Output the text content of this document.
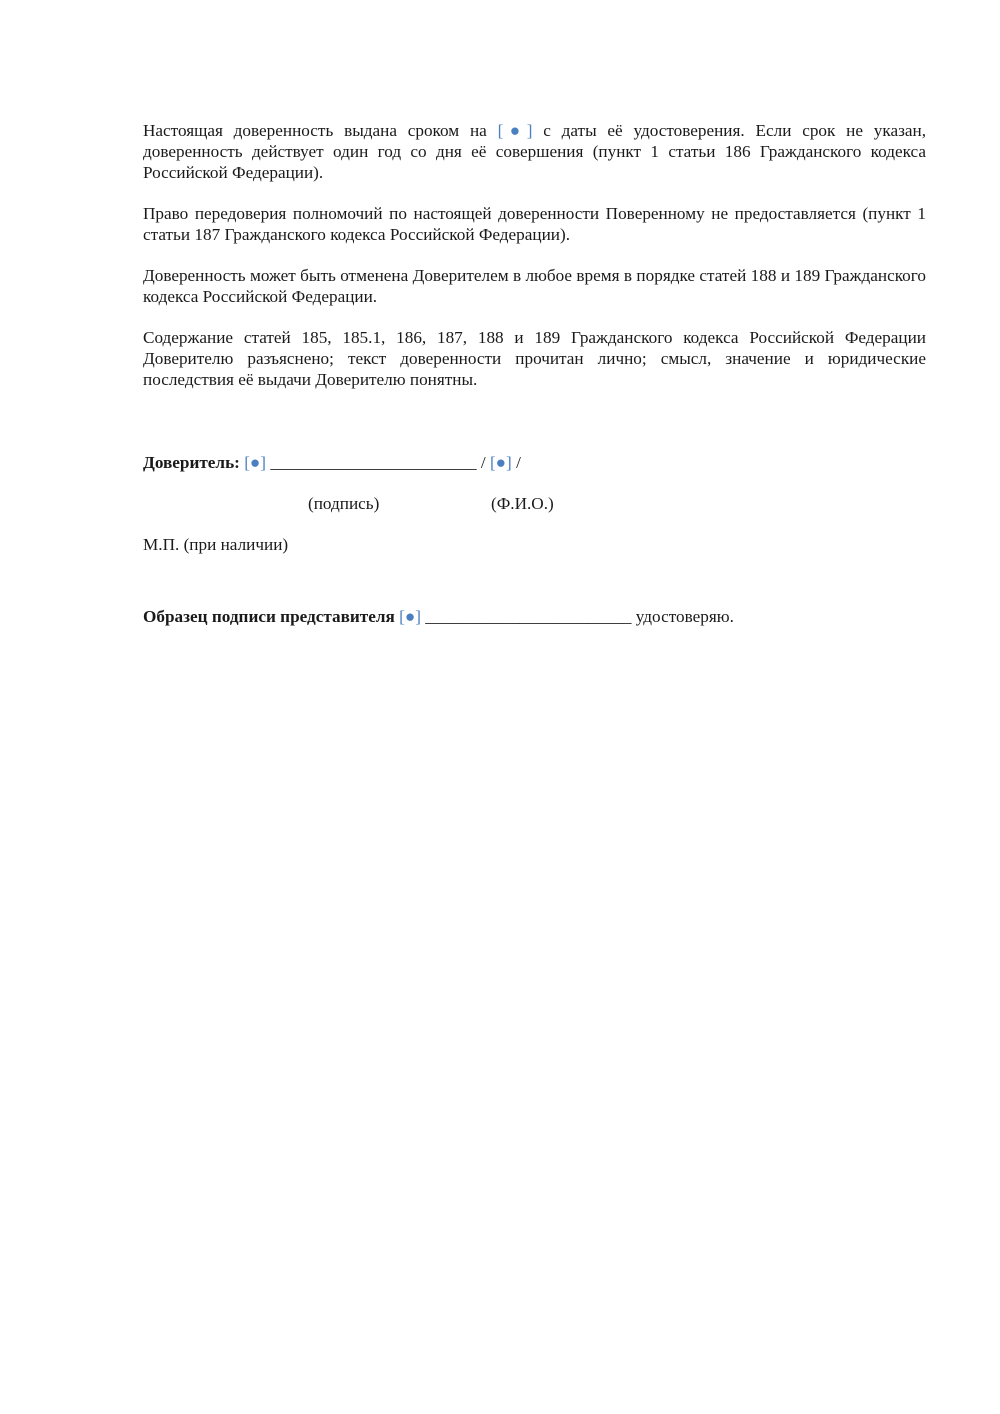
Настоящая доверенность выдана сроком на [●] с даты её удостоверения. Если срок не указан, доверенность действует один год со дня её совершения (пункт 1 статьи 186 Гражданского кодекса Российской Федерации).

Право передоверия полномочий по настоящей доверенности Поверенному не предоставляется (пункт 1 статьи 187 Гражданского кодекса Российской Федерации).

Доверенность может быть отменена Доверителем в любое время в порядке статей 188 и 189 Гражданского кодекса Российской Федерации.

Содержание статей 185, 185.1, 186, 187, 188 и 189 Гражданского кодекса Российской Федерации Доверителю разъяснено; текст доверенности прочитан лично; смысл, значение и юридические последствия её выдачи Доверителю понятны.

Доверитель: [●] ________________________ / [●] /
(подпись)	(Ф.И.О.)
М.П. (при наличии)
Образец подписи представителя [●] ________________________ удостоверяю.
